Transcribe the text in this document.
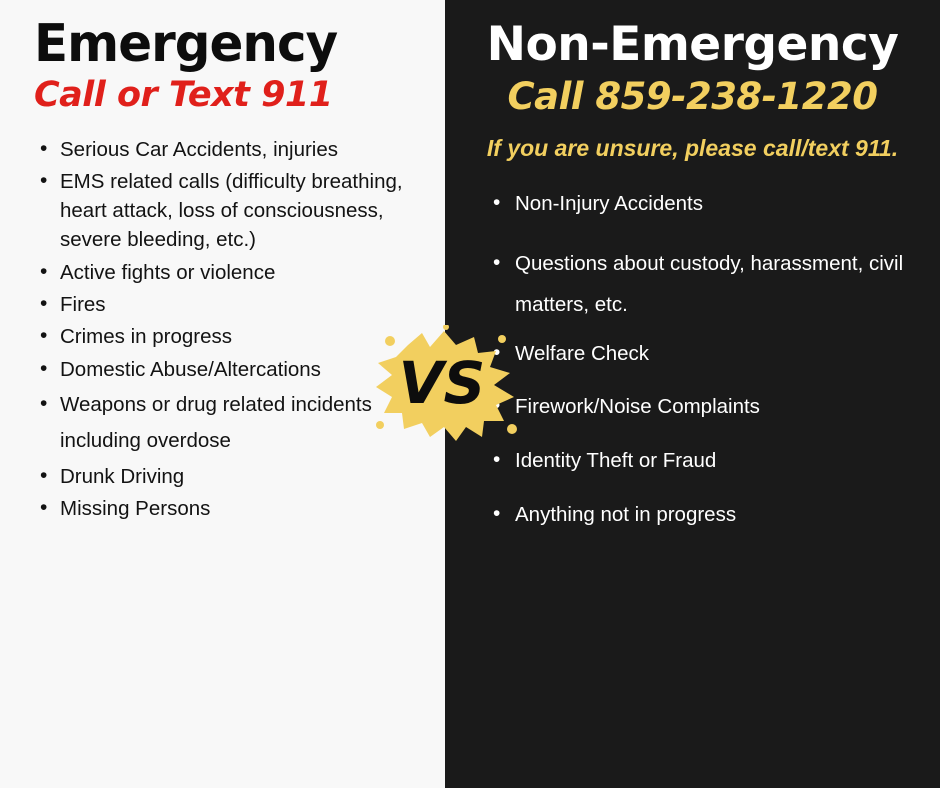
Emergency
Call or Text 911
• Serious Car Accidents, injuries
• EMS related calls (difficulty breathing, heart attack, loss of consciousness, severe bleeding, etc.)
• Active fights or violence
• Fires
• Crimes in progress
• Domestic Abuse/Altercations
• Weapons or drug related incidents including overdose
• Drunk Driving
• Missing Persons
Non-Emergency
Call 859-238-1220
If you are unsure, please call/text 911.
• Non-Injury Accidents
• Questions about custody, harassment, civil matters, etc.
• Welfare Check
• Firework/Noise Complaints
• Identity Theft or Fraud
• Anything not in progress
VS
